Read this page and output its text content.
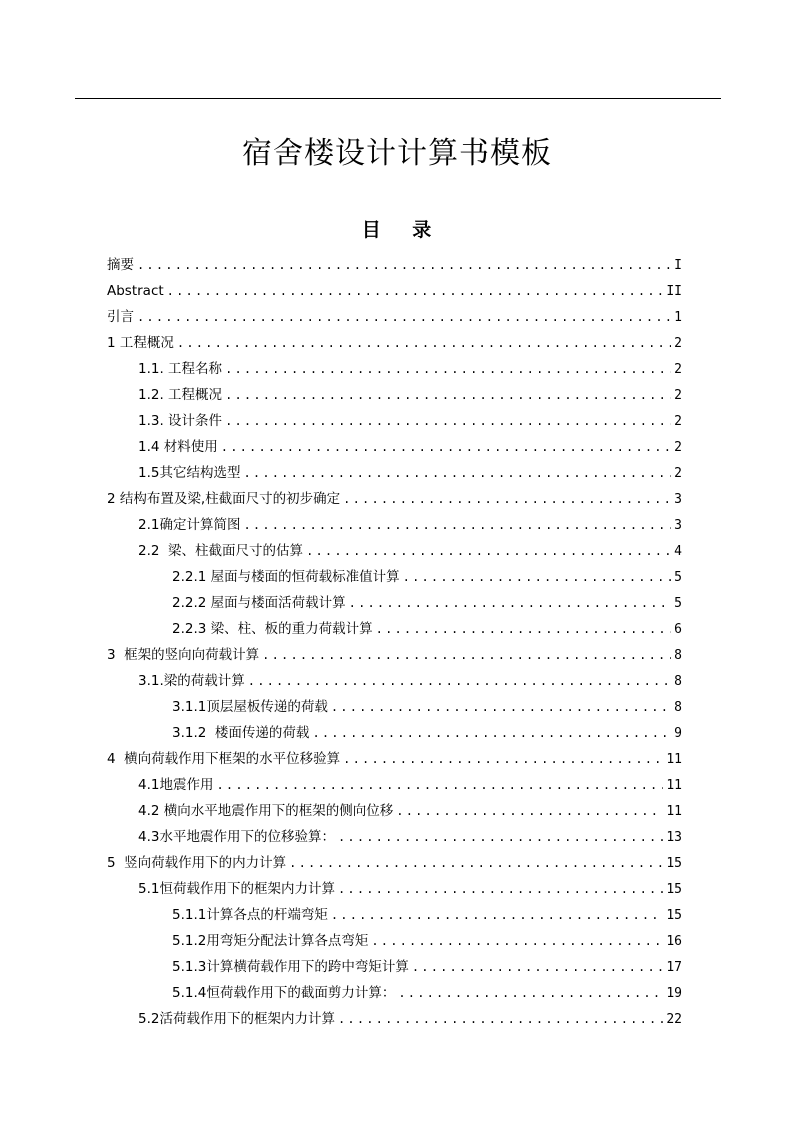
宿舍楼设计计算书模板
目    录
摘要 .....	I
Abstract .....	II
引言 .....	1
1 工程概况 .....	2
1.1. 工程名称 .....	2
1.2. 工程概况 .....	2
1.3. 设计条件 .....	2
1.4 材料使用 .....	2
1.5其它结构选型 .....	2
2 结构布置及梁,柱截面尺寸的初步确定 .....	3
2.1确定计算简图 .....	3
2.2  梁、柱截面尺寸的估算 .....	4
2.2.1 屋面与楼面的恒荷载标准值计算 .....	5
2.2.2 屋面与楼面活荷载计算 .....	5
2.2.3 梁、柱、板的重力荷载计算 .....	6
3  框架的竖向向荷载计算 .....	8
3.1.梁的荷载计算 .....	8
3.1.1顶层屋板传递的荷载 .....	8
3.1.2  楼面传递的荷载 .....	9
4  横向荷载作用下框架的水平位移验算 .....	11
4.1地震作用 .....	11
4.2 横向水平地震作用下的框架的侧向位移 .....	11
4.3水平地震作用下的位移验算： .....	13
5  竖向荷载作用下的内力计算 .....	15
5.1恒荷载作用下的框架内力计算 .....	15
5.1.1计算各点的杆端弯矩 .....	15
5.1.2用弯矩分配法计算各点弯矩 .....	16
5.1.3计算横荷载作用下的跨中弯矩计算 .....	17
5.1.4恒荷载作用下的截面剪力计算： .....	19
5.2活荷载作用下的框架内力计算 .....	22
